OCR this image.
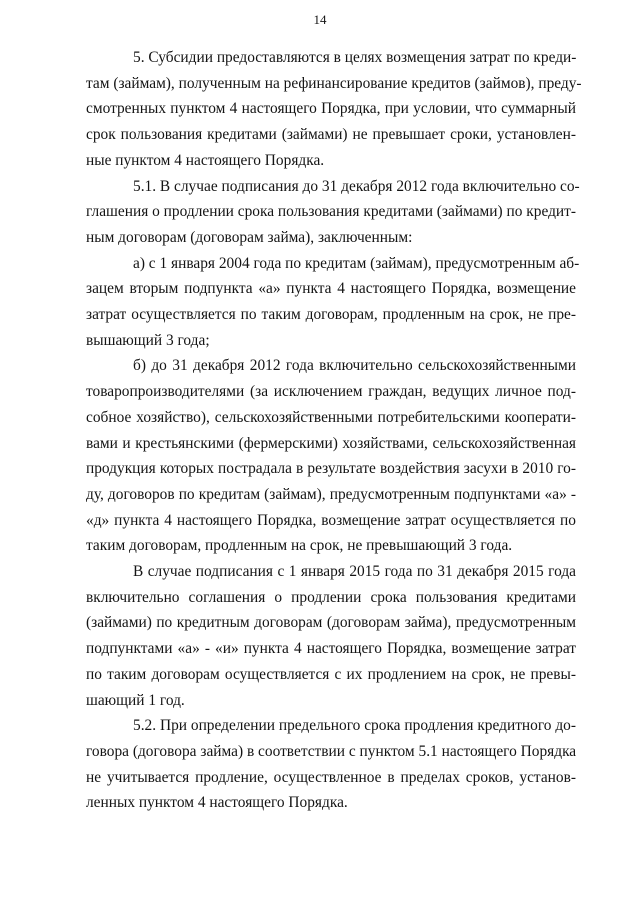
14

5. Субсидии предоставляются в целях возмещения затрат по креди-
там (займам), полученным на рефинансирование кредитов (займов), преду-
смотренных пунктом 4 настоящего Порядка, при условии, что суммарный
срок пользования кредитами (займами) не превышает сроки, установлен-
ные пунктом 4 настоящего Порядка.

5.1. В случае подписания до 31 декабря 2012 года включительно со-
глашения о продлении срока пользования кредитами (займами) по кредит-
ным договорам (договорам займа), заключенным:

а) с 1 января 2004 года по кредитам (займам), предусмотренным аб-
зацем вторым подпункта «а» пункта 4 настоящего Порядка, возмещение
затрат осуществляется по таким договорам, продленным на срок, не пре-
вышающий 3 года;

б) до 31 декабря 2012 года включительно сельскохозяйственными
товаропроизводителями (за исключением граждан, ведущих личное под-
собное хозяйство), сельскохозяйственными потребительскими кооперати-
вами и крестьянскими (фермерскими) хозяйствами, сельскохозяйственная
продукция которых пострадала в результате воздействия засухи в 2010 го-
ду, договоров по кредитам (займам), предусмотренным подпунктами «а» -
«д» пункта 4 настоящего Порядка, возмещение затрат осуществляется по
таким договорам, продленным на срок, не превышающий 3 года.

В случае подписания с 1 января 2015 года по 31 декабря 2015 года
включительно соглашения о продлении срока пользования кредитами
(займами) по кредитным договорам (договорам займа), предусмотренным
подпунктами «а» - «и» пункта 4 настоящего Порядка, возмещение затрат
по таким договорам осуществляется с их продлением на срок, не превы-
шающий 1 год.

5.2. При определении предельного срока продления кредитного до-
говора (договора займа) в соответствии с пунктом 5.1 настоящего Порядка
не учитывается продление, осуществленное в пределах сроков, установ-
ленных пунктом 4 настоящего Порядка.
